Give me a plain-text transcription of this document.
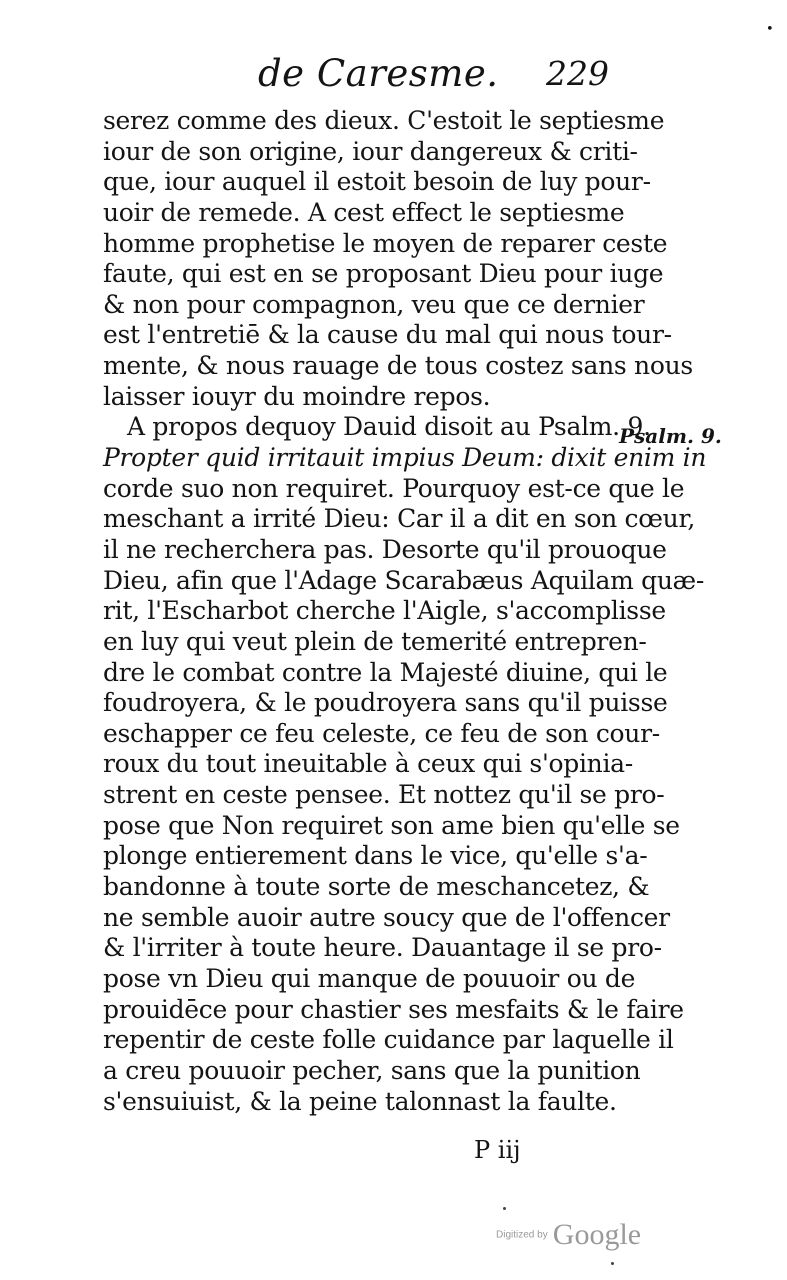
de Caresme. 229
•
serez comme des dieux. C'estoit le septiesme
iour de son origine, iour dangereux & criti-
que, iour auquel il estoit besoin de luy pour-
uoir de remede. A cest effect le septiesme
homme prophetise le moyen de reparer ceste
faute, qui est en se proposant Dieu pour iuge
& non pour compagnon, veu que ce dernier
est l'entretiē & la cause du mal qui nous tour-
mente, & nous rauage de tous costez sans nous
laisser iouyr du moindre repos.
A propos dequoy Dauid disoit au Psalm. 9.
Propter quid irritauit impius Deum: dixit enim in
corde suo non requiret. Pourquoy est-ce que le
meschant a irrité Dieu: Car il a dit en son cœur,
il ne recherchera pas. Desorte qu'il prouoque
Dieu, afin que l'Adage Scarabæus Aquilam quæ-
rit, l'Escharbot cherche l'Aigle, s'accomplisse
en luy qui veut plein de temerité entrepren-
dre le combat contre la Majesté diuine, qui le
foudroyera, & le poudroyera sans qu'il puisse
eschapper ce feu celeste, ce feu de son cour-
roux du tout ineuitable à ceux qui s'opinia-
strent en ceste pensee. Et nottez qu'il se pro-
pose que Non requiret son ame bien qu'elle se
plonge entierement dans le vice, qu'elle s'a-
bandonne à toute sorte de meschancetez, &
ne semble auoir autre soucy que de l'offencer
& l'irriter à toute heure. Dauantage il se pro-
pose vn Dieu qui manque de pouuoir ou de
prouidēce pour chastier ses mesfaits & le faire
repentir de ceste folle cuidance par laquelle il
a creu pouuoir pecher, sans que la punition
s'ensuiuist, & la peine talonnast la faulte.
Psalm. 9.
P iij
Digitized by Google
